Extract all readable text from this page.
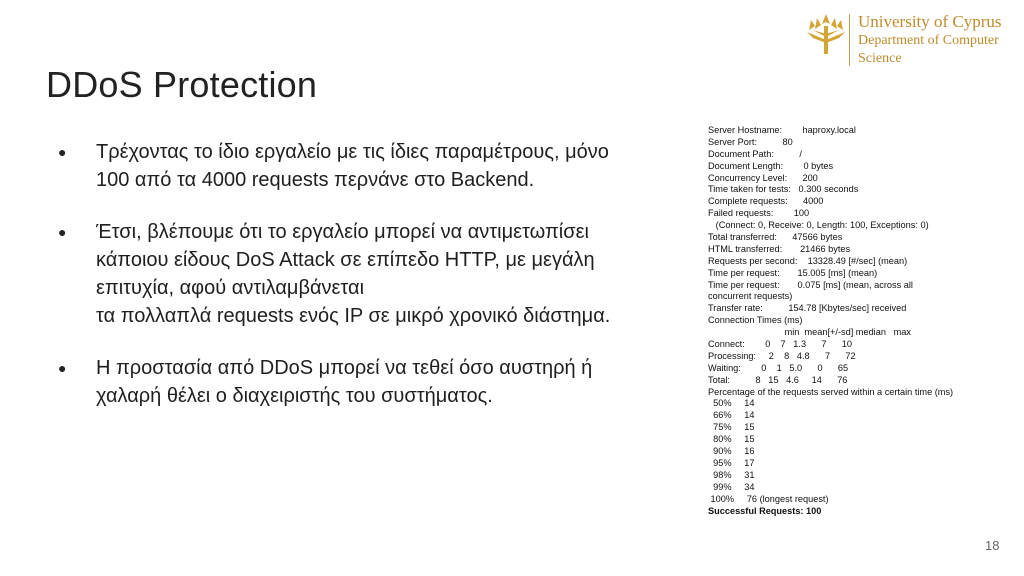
University of Cyprus
Department of Computer
Science
DDoS Protection
● Τρέχοντας το ίδιο εργαλείο με τις ίδιες παραμέτρους, μόνο
100 από τα 4000 requests περνάνε στο Backend.
● Έτσι, βλέπουμε ότι το εργαλείο μπορεί να αντιμετωπίσει
κάποιου είδους DoS Attack σε επίπεδο HTTP, με μεγάλη
επιτυχία, αφού αντιλαμβάνεται
τα πολλαπλά requests ενός IP σε μικρό χρονικό διάστημα.
● Η προστασία από DDoS μπορεί να τεθεί όσο αυστηρή ή
χαλαρή θέλει ο διαχειριστής του συστήματος.
Server Hostname:        haproxy.local
Server Port:          80
Document Path:          /
Document Length:        0 bytes
Concurrency Level:      200
Time taken for tests:   0.300 seconds
Complete requests:      4000
Failed requests:        100
(Connect: 0, Receive: 0, Length: 100, Exceptions: 0)
Total transferred:      47566 bytes
HTML transferred:       21466 bytes
Requests per second:    13328.49 [#/sec] (mean)
Time per request:       15.005 [ms] (mean)
Time per request:       0.075 [ms] (mean, across all
concurrent requests)
Transfer rate:          154.78 [Kbytes/sec] received
Connection Times (ms)
min  mean[+/-sd] median   max
Connect:        0    7   1.3      7      10
Processing:     2    8   4.8      7      72
Waiting:        0    1   5.0      0      65
Total:          8   15   4.6     14      76
Percentage of the requests served within a certain time (ms)
50%     14
66%     14
75%     15
80%     15
90%     16
95%     17
98%     31
99%     34
100%     76 (longest request)
Successful Requests: 100
18
